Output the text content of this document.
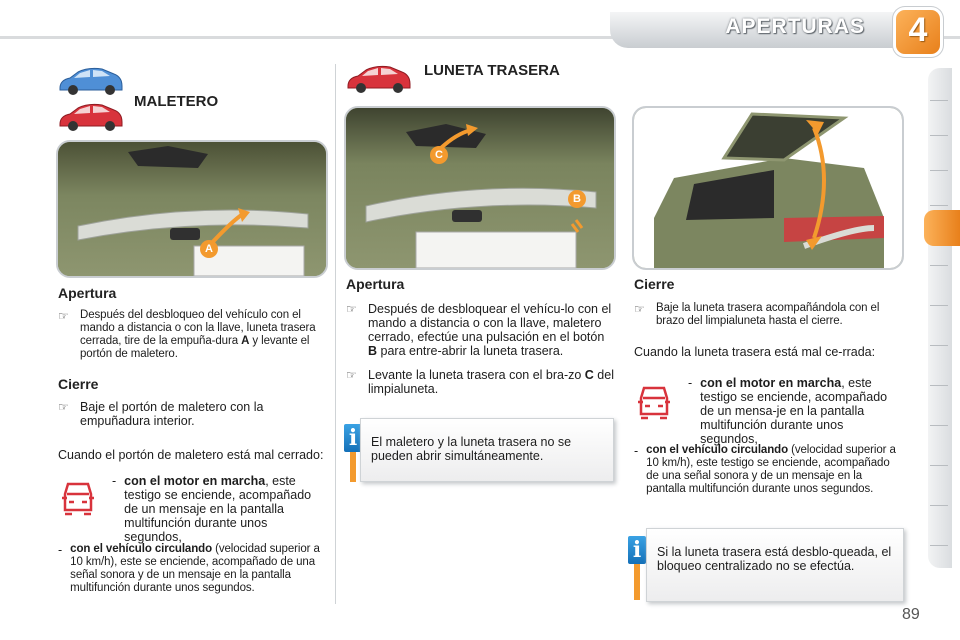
APERTURAS	4
MALETERO
A
Apertura
☞ Después del desbloqueo del vehículo con el mando a distancia o con la llave, luneta trasera cerrada, tire de la empuña-dura A y levante el portón de maletero.
Cierre
☞ Baje el portón de maletero con la empuñadura interior.
Cuando el portón de maletero está mal cerrado:
- con el motor en marcha, este testigo se enciende, acompañado de un mensaje en la pantalla multifunción durante unos segundos,
- con el vehículo circulando (velocidad superior a 10 km/h), este se enciende, acompañado de una señal sonora y de un mensaje en la pantalla multifunción durante unos segundos.
LUNETA TRASERA
C
B
Apertura
☞ Después de desbloquear el vehícu-lo con el mando a distancia o con la llave, maletero cerrado, efectúe una pulsación en el botón B para entre-abrir la luneta trasera.
☞ Levante la luneta trasera con el bra-zo C del limpialuneta.
i	El maletero y la luneta trasera no se pueden abrir simultáneamente.
Cierre
☞ Baje la luneta trasera acompañándola con el brazo del limpialuneta hasta el cierre.
Cuando la luneta trasera está mal ce-rrada:
- con el motor en marcha, este testigo se enciende, acompañado de un mensa-je en la pantalla multifunción durante unos segundos,
- con el vehículo circulando (velocidad superior a 10 km/h), este testigo se enciende, acompañado de una señal sonora y de un mensaje en la pantalla multifunción durante unos segundos.
i	Si la luneta trasera está desblo-queada, el bloqueo centralizado no se efectúa.
89
